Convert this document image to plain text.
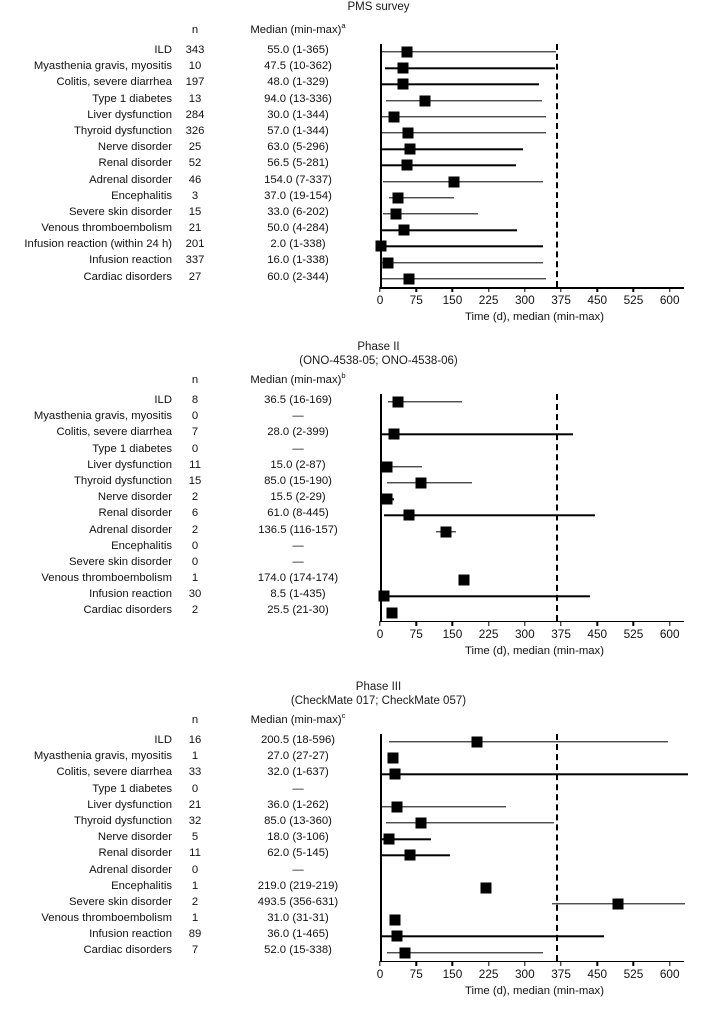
PMS survey
n	Median $(\min-\max)^a$
ILD	343	55.0 (1-365)
Myasthenia gravis, myositis	10	47.5 (10-362)
Colitis, severe diarrhea	197	48.0 (1-329)
Type 1 diabetes	13	94.0 (13-336)
Liver dysfunction	284	30.0 (1-344)
Thyroid dysfunction	326	57.0 (1-344)
Nerve disorder	25	63.0 (5-296)
Renal disorder	52	56.5 (5-281)
Adrenal disorder	46	154.0 (7-337)
Encephalitis	3	37.0 (19-154)
Severe skin disorder	15	33.0 (6-202)
Venous thromboembolism	21	50.0 (4-284)
Infusion reaction (within 24 h)	201	2.0 (1-338)
Infusion reaction	337	16.0 (1-338)
Cardiac disorders	27	60.0 (2-344)
0 75 150 225 300 375 450 525 600
Time (d), median (min-max)
Phase II
(ONO-4538-05; ONO-4538-06)
n	Median $(\min-\max)^b$
ILD	8	36.5 (16-169)
Myasthenia gravis, myositis	0	—
Colitis, severe diarrhea	7	28.0 (2-399)
Type 1 diabetes	0	—
Liver dysfunction	11	15.0 (2-87)
Thyroid dysfunction	15	85.0 (15-190)
Nerve disorder	2	15.5 (2-29)
Renal disorder	6	61.0 (8-445)
Adrenal disorder	2	136.5 (116-157)
Encephalitis	0	—
Severe skin disorder	0	—
Venous thromboembolism	1	174.0 (174-174)
Infusion reaction	30	8.5 (1-435)
Cardiac disorders	2	25.5 (21-30)
0 75 150 225 300 375 450 525 600
Time (d), median (min-max)
Phase III
(CheckMate 017; CheckMate 057)
n	Median $(\min-\max)^c$
ILD	16	200.5 (18-596)
Myasthenia gravis, myositis	1	27.0 (27-27)
Colitis, severe diarrhea	33	32.0 (1-637)
Type 1 diabetes	0	—
Liver dysfunction	21	36.0 (1-262)
Thyroid dysfunction	32	85.0 (13-360)
Nerve disorder	5	18.0 (3-106)
Renal disorder	11	62.0 (5-145)
Adrenal disorder	0	—
Encephalitis	1	219.0 (219-219)
Severe skin disorder	2	493.5 (356-631)
Venous thromboembolism	1	31.0 (31-31)
Infusion reaction	89	36.0 (1-465)
Cardiac disorders	7	52.0 (15-338)
0 75 150 225 300 375 450 525 600
Time (d), median (min-max)
